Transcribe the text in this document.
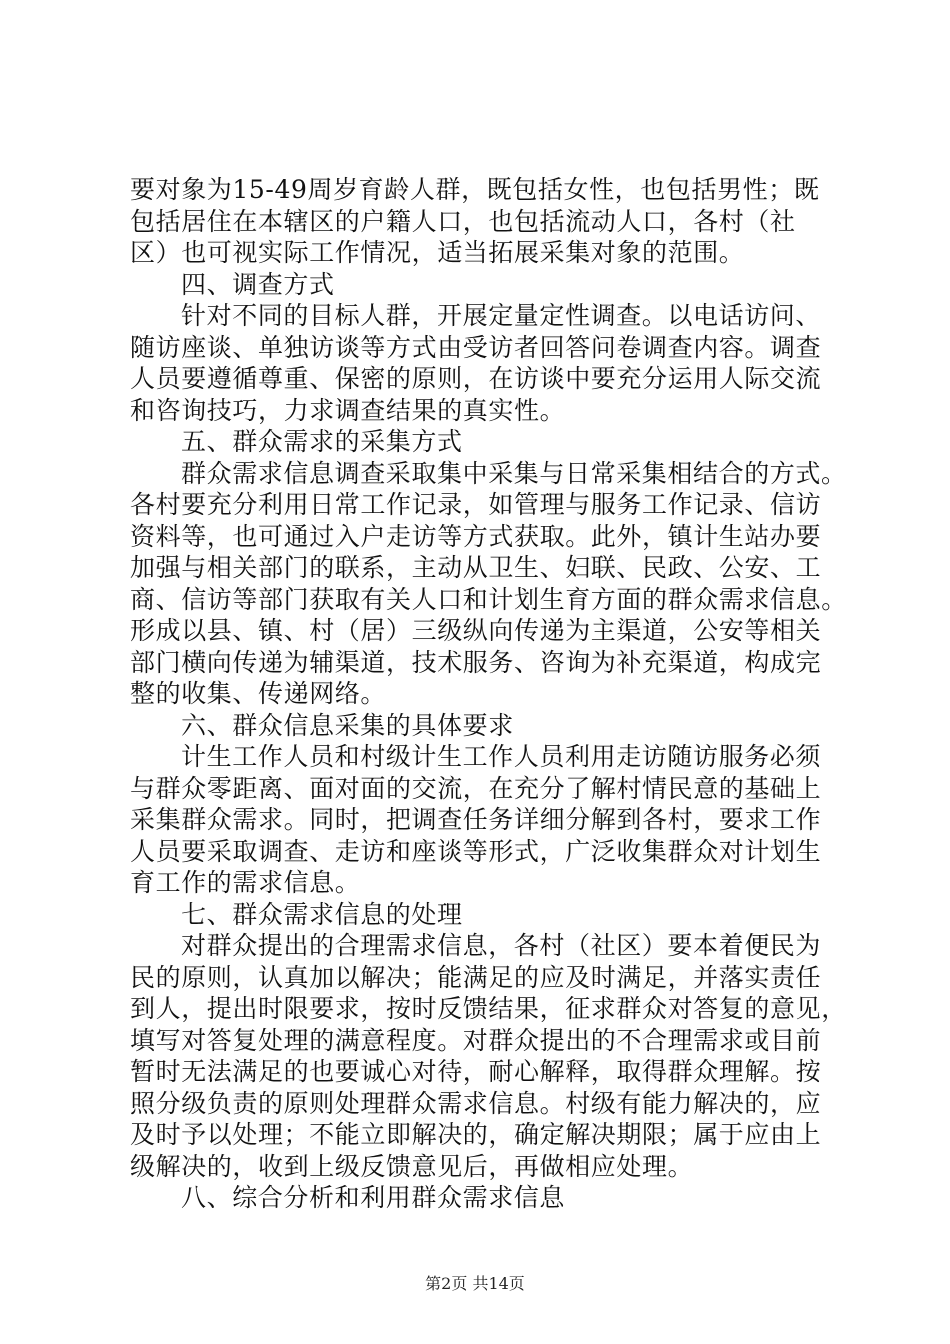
要对象为15-49周岁育龄人群，既包括女性，也包括男性；既
包括居住在本辖区的户籍人口，也包括流动人口，各村（社
区）也可视实际工作情况，适当拓展采集对象的范围。
四、调查方式
针对不同的目标人群，开展定量定性调查。以电话访问、
随访座谈、单独访谈等方式由受访者回答问卷调查内容。调查
人员要遵循尊重、保密的原则，在访谈中要充分运用人际交流
和咨询技巧，力求调查结果的真实性。
五、群众需求的采集方式
群众需求信息调查采取集中采集与日常采集相结合的方式。
各村要充分利用日常工作记录，如管理与服务工作记录、信访
资料等，也可通过入户走访等方式获取。此外，镇计生站办要
加强与相关部门的联系，主动从卫生、妇联、民政、公安、工
商、信访等部门获取有关人口和计划生育方面的群众需求信息。
形成以县、镇、村（居）三级纵向传递为主渠道，公安等相关
部门横向传递为辅渠道，技术服务、咨询为补充渠道，构成完
整的收集、传递网络。
六、群众信息采集的具体要求
计生工作人员和村级计生工作人员利用走访随访服务必须
与群众零距离、面对面的交流，在充分了解村情民意的基础上
采集群众需求。同时，把调查任务详细分解到各村，要求工作
人员要采取调查、走访和座谈等形式，广泛收集群众对计划生
育工作的需求信息。
七、群众需求信息的处理
对群众提出的合理需求信息，各村（社区）要本着便民为
民的原则，认真加以解决；能满足的应及时满足，并落实责任
到人，提出时限要求，按时反馈结果，征求群众对答复的意见，
填写对答复处理的满意程度。对群众提出的不合理需求或目前
暂时无法满足的也要诚心对待，耐心解释，取得群众理解。按
照分级负责的原则处理群众需求信息。村级有能力解决的，应
及时予以处理；不能立即解决的，确定解决期限；属于应由上
级解决的，收到上级反馈意见后，再做相应处理。
八、综合分析和利用群众需求信息
第2页 共14页
